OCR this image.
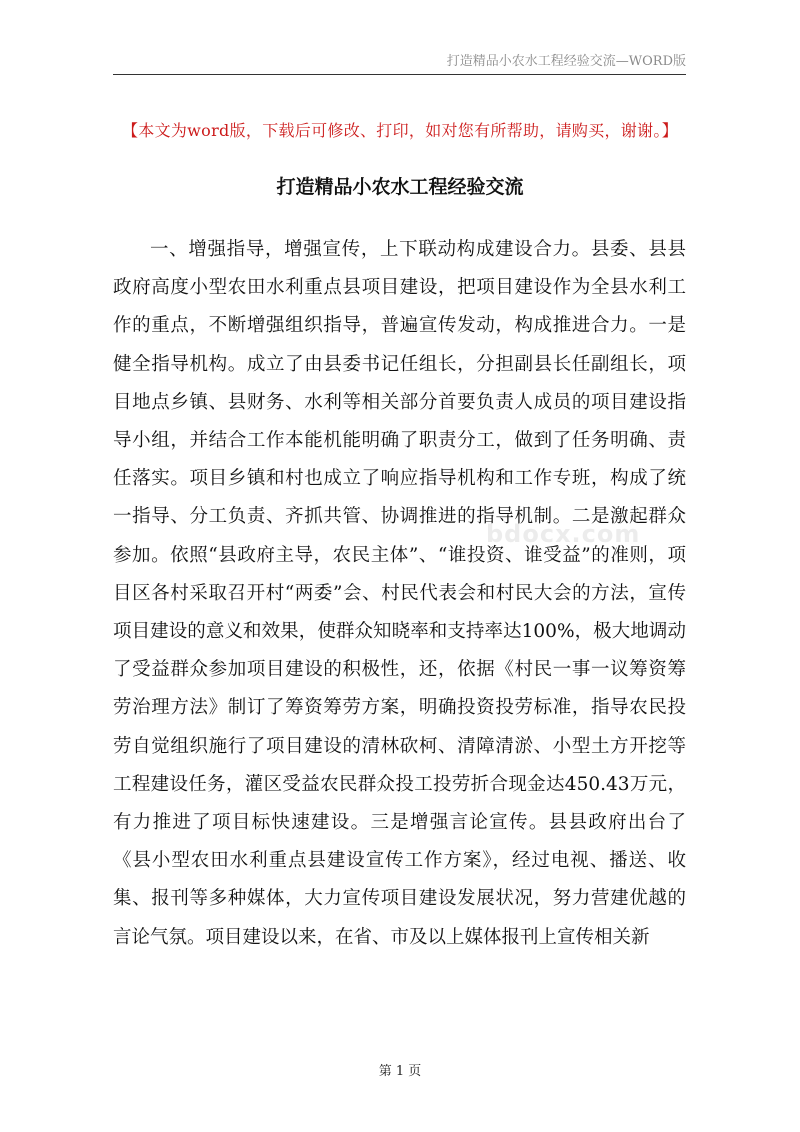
打造精品小农水工程经验交流—WORD版
【本文为word版，下载后可修改、打印，如对您有所帮助，请购买，谢谢。】
打造精品小农水工程经验交流

一、增强指导，增强宣传，上下联动构成建设合力。县委、县县政府高度小型农田水利重点县项目建设，把项目建设作为全县水利工作的重点，不断增强组织指导，普遍宣传发动，构成推进合力。一是健全指导机构。成立了由县委书记任组长，分担副县长任副组长，项目地点乡镇、县财务、水利等相关部分首要负责人成员的项目建设指导小组，并结合工作本能机能明确了职责分工，做到了任务明确、责任落实。项目乡镇和村也成立了响应指导机构和工作专班，构成了统一指导、分工负责、齐抓共管、协调推进的指导机制。二是激起群众参加。依照“县政府主导，农民主体”、“谁投资、谁受益”的准则，项目区各村采取召开村“两委”会、村民代表会和村民大会的方法，宣传项目建设的意义和效果，使群众知晓率和支持率达100%，极大地调动了受益群众参加项目建设的积极性，还，依据《村民一事一议筹资筹劳治理方法》制订了筹资筹劳方案，明确投资投劳标准，指导农民投劳自觉组织施行了项目建设的清林砍柯、清障清淤、小型土方开挖等工程建设任务，灌区受益农民群众投工投劳折合现金达450.43万元，有力推进了项目标快速建设。三是增强言论宣传。县县政府出台了《县小型农田水利重点县建设宣传工作方案》，经过电视、播送、收集、报刊等多种媒体，大力宣传项目建设发展状况，努力营建优越的言论气氛。项目建设以来，在省、市及以上媒体报刊上宣传相关新

bdocx.com
第 1 页
